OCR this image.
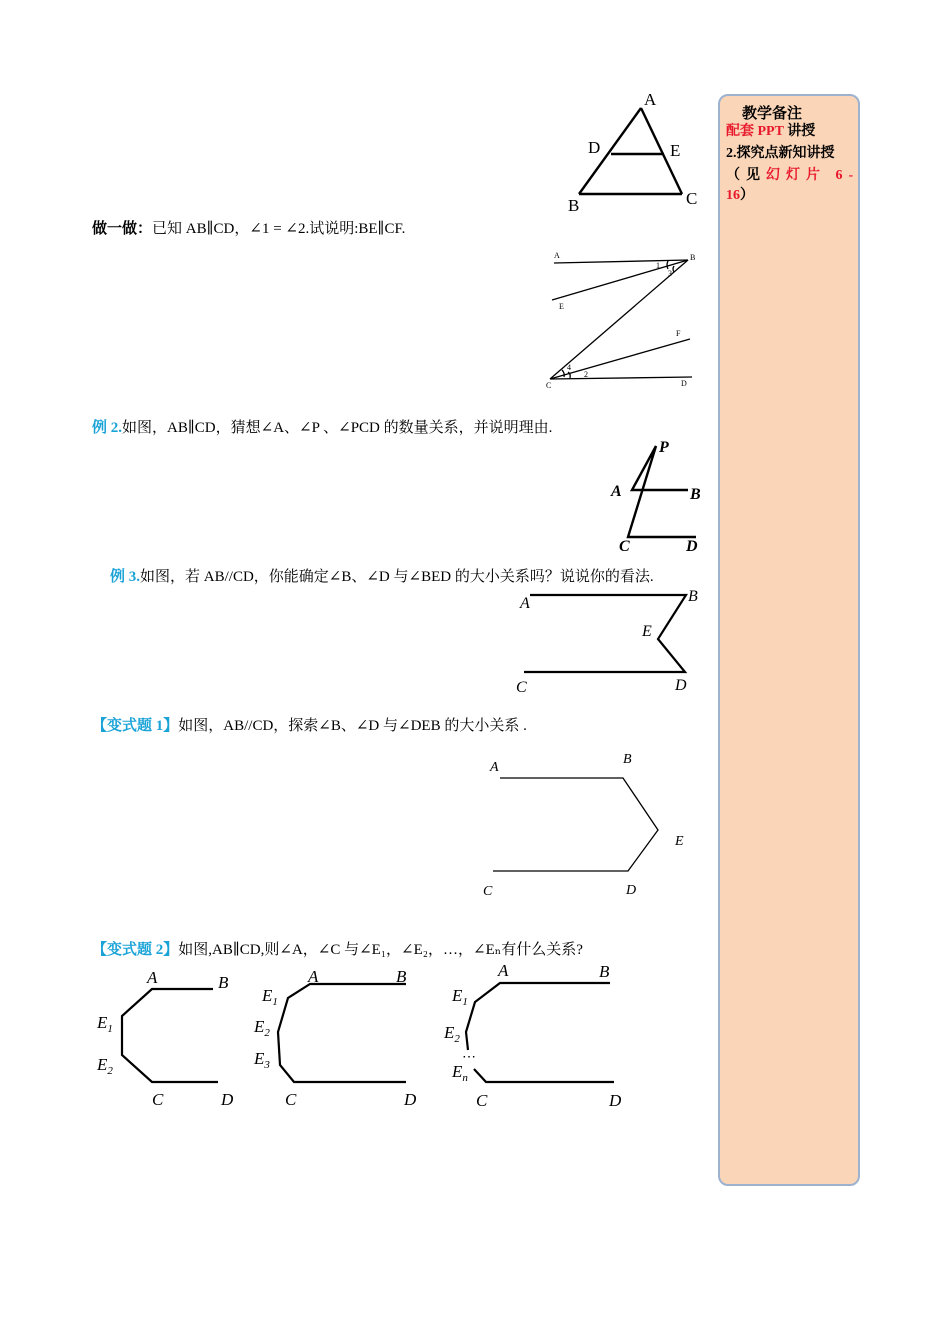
教学备注
配套 PPT 讲授
2.探究点新知讲授
（见幻灯片 6-
16）
A
D	E
B	C
做一做：已知 AB∥CD，∠1 = ∠2.试说明:BE∥CF.
A	B
E
F
C	D
1
3
4
2
例 2.如图，AB∥CD，猜想∠A、∠P 、∠PCD 的数量关系，并说明理由.
P
A	B
C	D
例 3.如图，若 AB//CD，你能确定∠B、∠D 与∠BED 的大小关系吗？说说你的看法.
A	B
E
C	D
【变式题 1】如图，AB//CD，探索∠B、∠D 与∠DEB 的大小关系 .
A
B
E
C	D
【变式题 2】如图,AB∥CD,则∠A，∠C 与∠E₁，∠E₂，…，∠Eₙ有什么关系?
A	B
$E_1$
$E_2$
C	D
A	B
$E_1$
$E_2$
$E_3$
C	D
A	B
$E_1$
$E_2$
⋯
$E_n$
C	D
